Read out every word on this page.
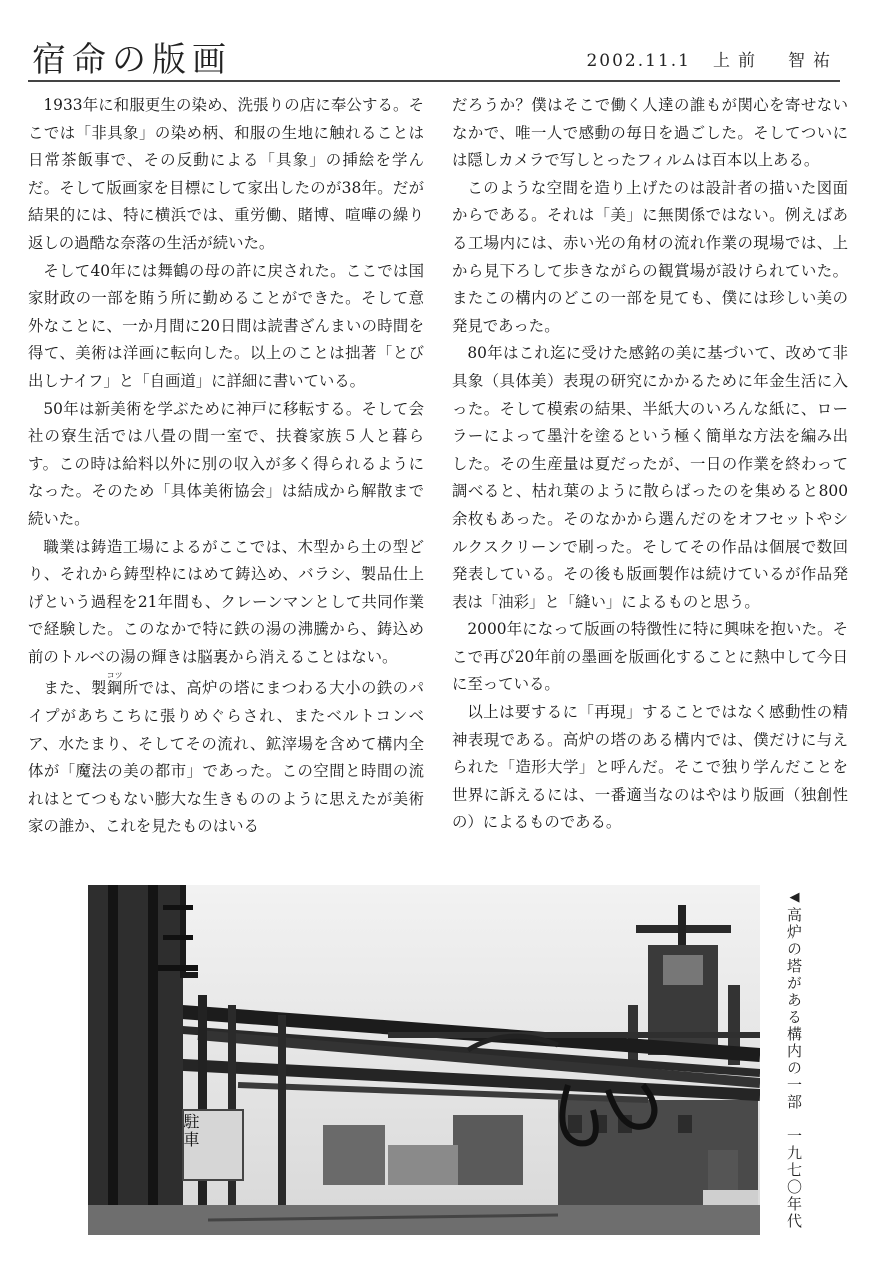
宿命の版画	2002.11.1 上前　智祐

1933年に和服更生の染め、洗張りの店に奉公する。そこでは「非具象」の染め柄、和服の生地に触れることは日常茶飯事で、その反動による「具象」の挿絵を学んだ。そして版画家を目標にして家出したのが38年。だが結果的には、特に横浜では、重労働、賭博、喧嘩の繰り返しの過酷な奈落の生活が続いた。

そして40年には舞鶴の母の許に戻された。ここでは国家財政の一部を賄う所に勤めることができた。そして意外なことに、一か月間に20日間は読書ざんまいの時間を得て、美術は洋画に転向した。以上のことは拙著「とび出しナイフ」と「自画道」に詳細に書いている。

50年は新美術を学ぶために神戸に移転する。そして会社の寮生活では八畳の間一室で、扶養家族５人と暮らす。この時は給料以外に別の収入が多く得られるようになった。そのため「具体美術協会」は結成から解散まで続いた。

職業は鋳造工場によるがここでは、木型から土の型どり、それから鋳型枠にはめて鋳込め、バラシ、製品仕上げという過程を21年間も、クレーンマンとして共同作業で経験した。このなかで特に鉄の湯の沸騰から、鋳込め前のトルベの湯の輝きは脳裏から消えることはない。

また、製鋼コツ所では、高炉の塔にまつわる大小の鉄のパイプがあちこちに張りめぐらされ、またベルトコンベア、水たまり、そしてその流れ、鉱滓場を含めて構内全体が「魔法の美の都市」であった。この空間と時間の流れはとてつもない膨大な生きもののように思えたが美術家の誰か、これを見たものはいる

だろうか？僕はそこで働く人達の誰もが関心を寄せないなかで、唯一人で感動の毎日を過ごした。そしてついには隠しカメラで写しとったフィルムは百本以上ある。

このような空間を造り上げたのは設計者の描いた図面からである。それは「美」に無関係ではない。例えばある工場内には、赤い光の角材の流れ作業の現場では、上から見下ろして歩きながらの観賞場が設けられていた。またこの構内のどこの一部を見ても、僕には珍しい美の発見であった。

80年はこれ迄に受けた感銘の美に基づいて、改めて非具象（具体美）表現の研究にかかるために年金生活に入った。そして模索の結果、半紙大のいろんな紙に、ローラーによって墨汁を塗るという極く簡単な方法を編み出した。その生産量は夏だったが、一日の作業を終わって調べると、枯れ葉のように散らばったのを集めると800余枚もあった。そのなかから選んだのをオフセットやシルクスクリーンで刷った。そしてその作品は個展で数回発表している。その後も版画製作は続けているが作品発表は「油彩」と「縫い」によるものと思う。

2000年になって版画の特徴性に特に興味を抱いた。そこで再び20年前の墨画を版画化することに熱中して今日に至っている。

以上は要するに「再現」することではなく感動性の精神表現である。高炉の塔のある構内では、僕だけに与えられた「造形大学」と呼んだ。そこで独り学んだことを世界に訴えるには、一番適当なのはやはり版画（独創性の）によるものである。

駐車
◀高炉の塔がある構内の一部　一九七〇年代
